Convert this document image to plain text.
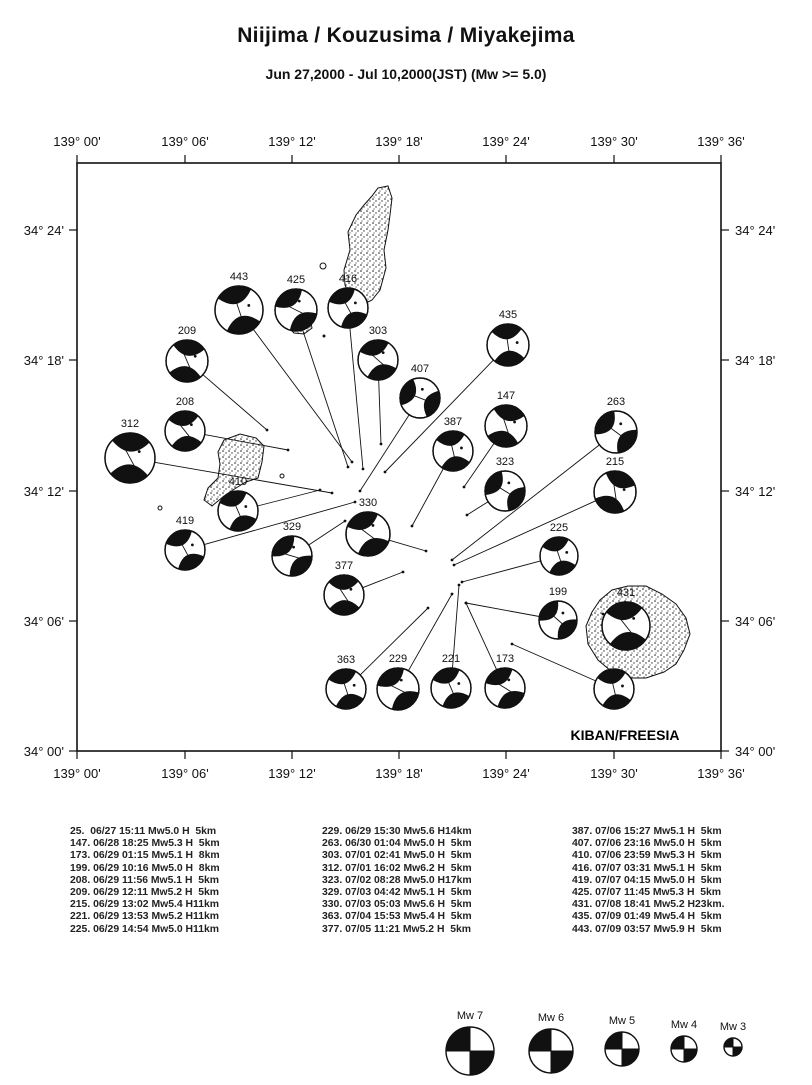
Niijima / Kouzusima / Miyakejima
Jun 27,2000 - Jul 10,2000(JST) (Mw >= 5.0)
139° 00'	139° 06'	139° 12'	139° 18'	139° 24'	139° 30'	139° 36'
139° 00'	139° 06'	139° 12'	139° 18'	139° 24'	139° 30'	139° 36'
34° 24'
34° 18'
34° 12'
34° 06'
34° 00'
34° 24'
34° 18'
34° 12'
34° 06'
34° 00'
443	425	416
303
435
209
407
147	263
208
387
312
323	215
410
330
419	329	225
377
199	431
363	229	221	173
KIBAN/FREESIA
25.  06/27 15:11 Mw5.0 H  5km
147. 06/28 18:25 Mw5.3 H  5km
173. 06/29 01:15 Mw5.1 H  8km
199. 06/29 10:16 Mw5.0 H  8km
208. 06/29 11:56 Mw5.1 H  5km
209. 06/29 12:11 Mw5.2 H  5km
215. 06/29 13:02 Mw5.4 H11km
221. 06/29 13:53 Mw5.2 H11km
225. 06/29 14:54 Mw5.0 H11km
229. 06/29 15:30 Mw5.6 H14km
263. 06/30 01:04 Mw5.0 H  5km
303. 07/01 02:41 Mw5.0 H  5km
312. 07/01 16:02 Mw6.2 H  5km
323. 07/02 08:28 Mw5.0 H17km
329. 07/03 04:42 Mw5.1 H  5km
330. 07/03 05:03 Mw5.6 H  5km
363. 07/04 15:53 Mw5.4 H  5km
377. 07/05 11:21 Mw5.2 H  5km
387. 07/06 15:27 Mw5.1 H  5km
407. 07/06 23:16 Mw5.0 H  5km
410. 07/06 23:59 Mw5.3 H  5km
416. 07/07 03:31 Mw5.1 H  5km
419. 07/07 04:15 Mw5.0 H  5km
425. 07/07 11:45 Mw5.3 H  5km
431. 07/08 18:41 Mw5.2 H23km.
435. 07/09 01:49 Mw5.4 H  5km
443. 07/09 03:57 Mw5.9 H  5km
Mw 7	Mw 6	Mw 5	Mw 4 Mw 3
